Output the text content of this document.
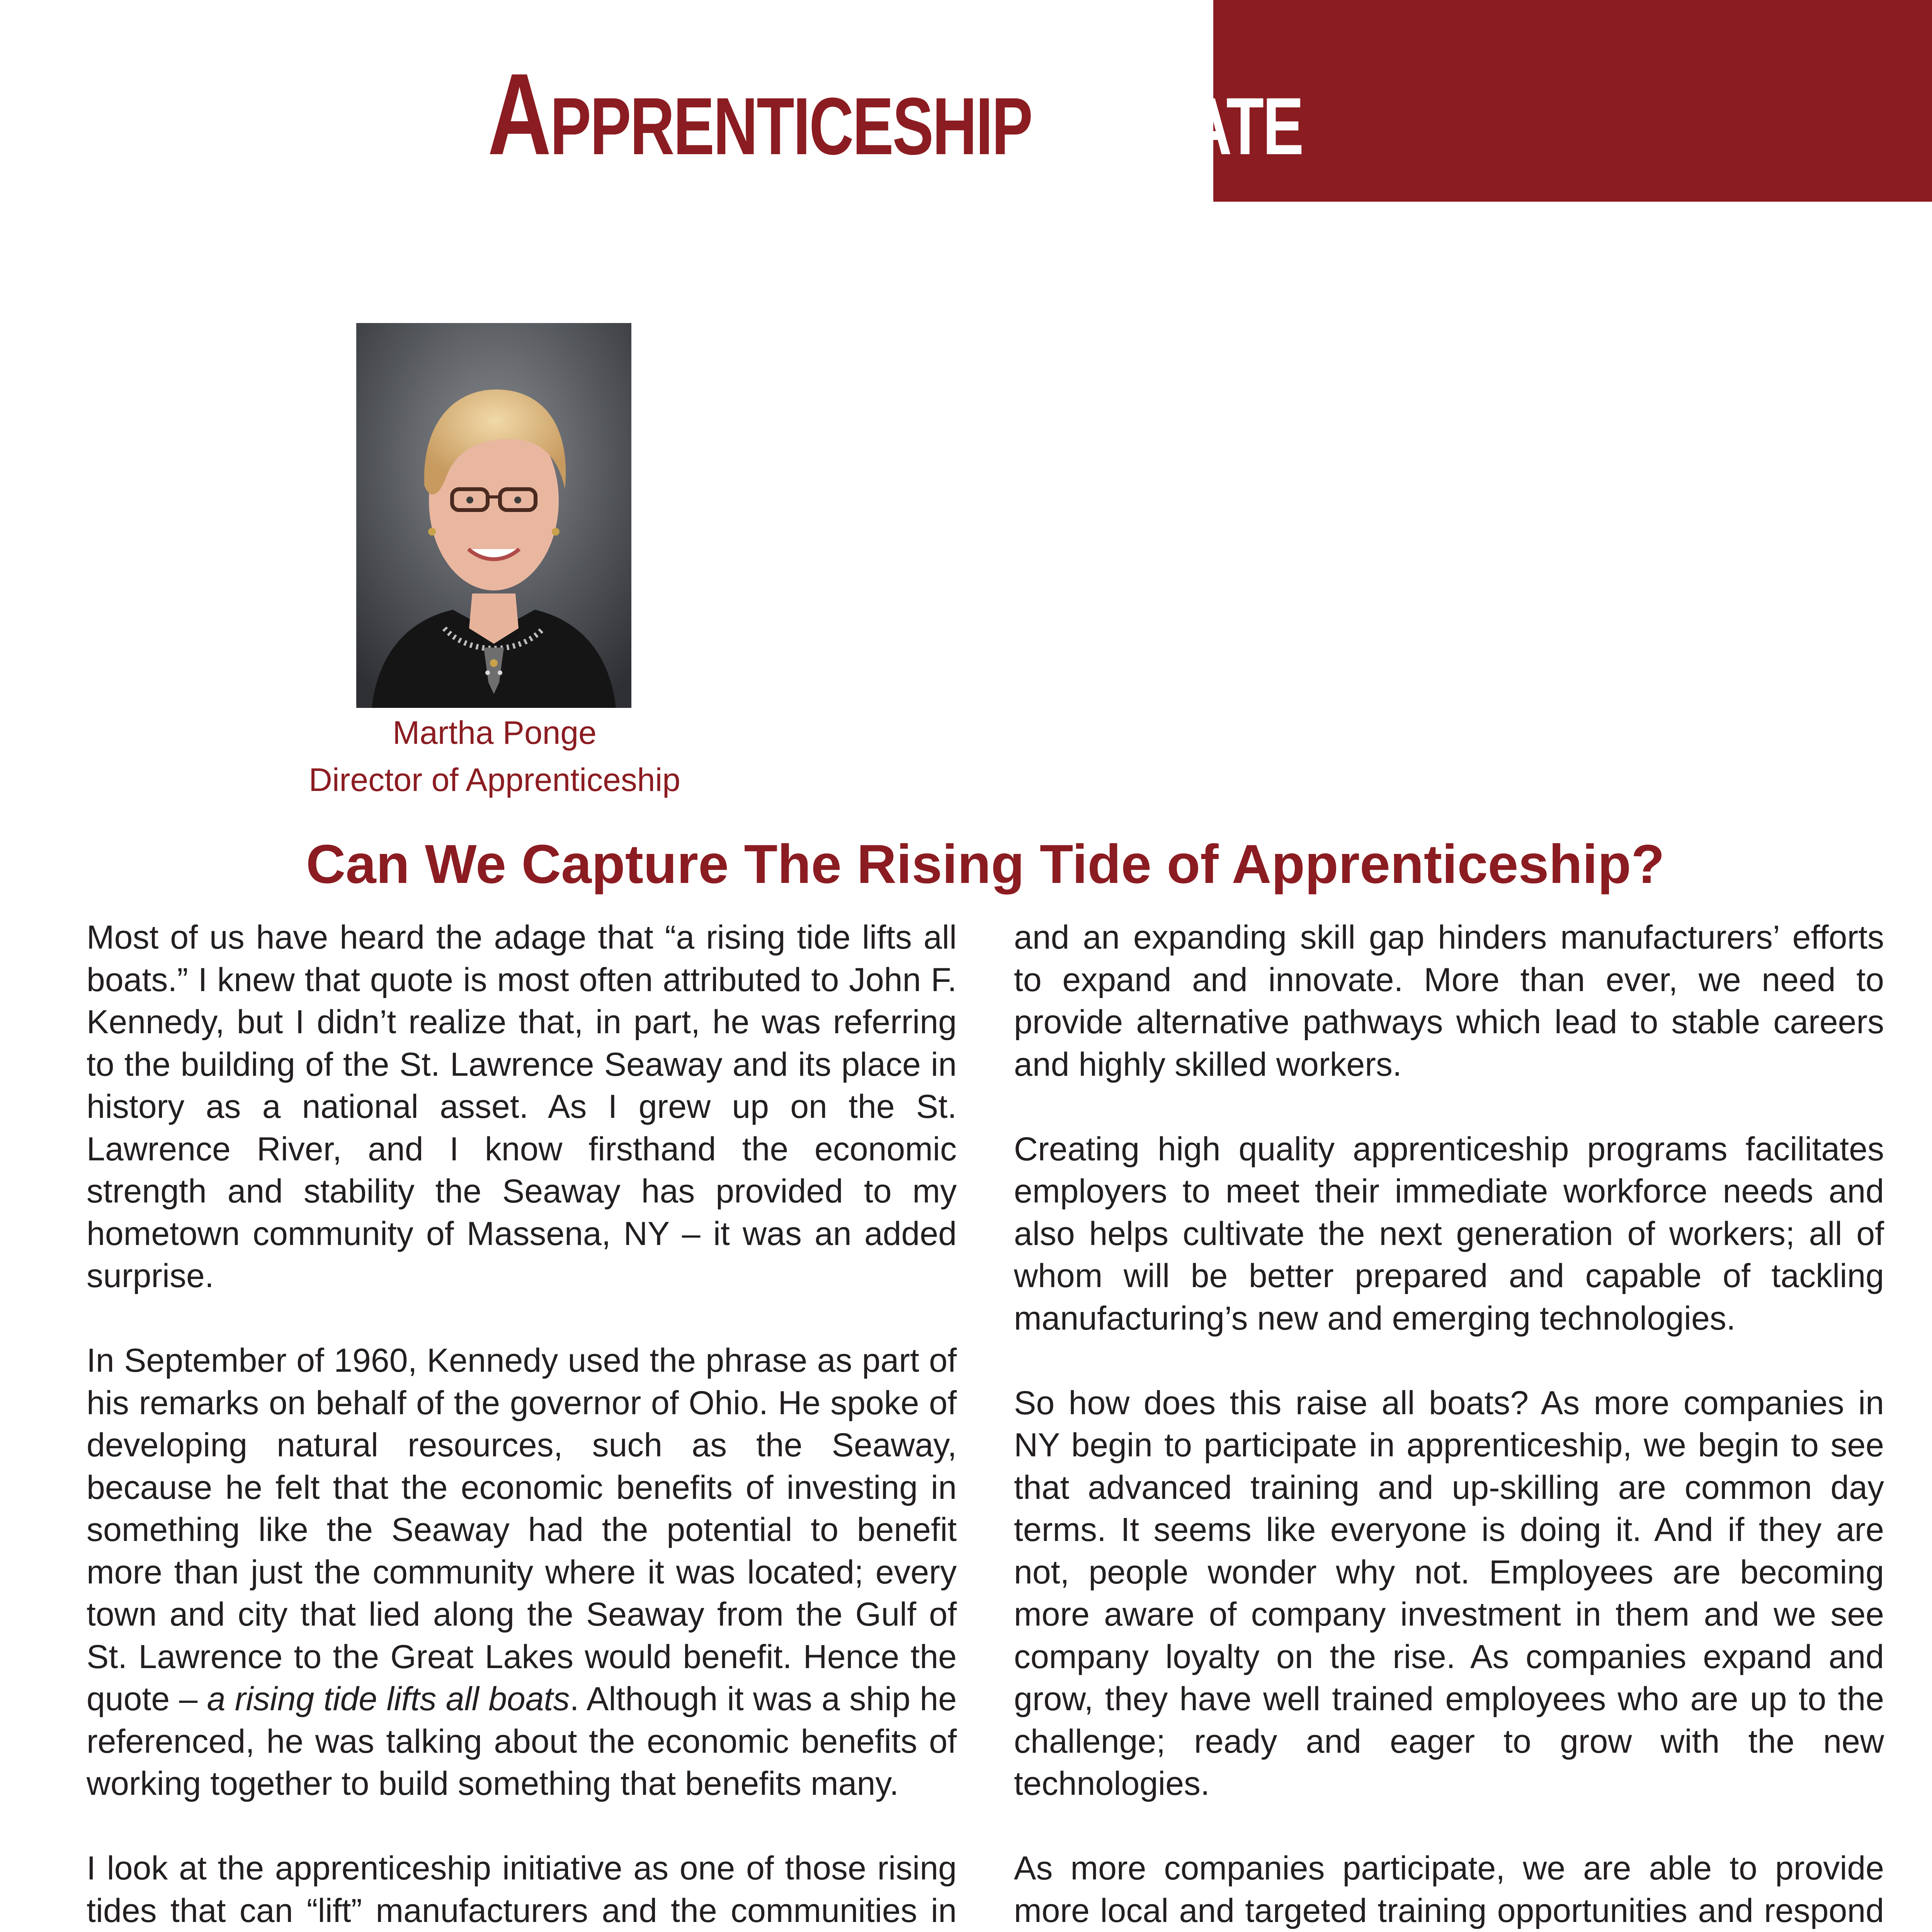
APPRENTICESHIPUPDATE
Martha Ponge
Director of Apprenticeship
Can We Capture The Rising Tide of Apprenticeship?

Most of us have heard the adage that “a rising tide lifts all boats.” I knew that quote is most often attributed to John F. Kennedy, but I didn’t realize that, in part, he was referring to the building of the St. Lawrence Seaway and its place in history as a national asset. As I grew up on the St. Lawrence River, and I know firsthand the economic strength and stability the Seaway has provided to my hometown community of Massena, NY – it was an added surprise.

In September of 1960, Kennedy used the phrase as part of his remarks on behalf of the governor of Ohio. He spoke of developing natural resources, such as the Seaway, because he felt that the economic benefits of investing in something like the Seaway had the potential to benefit more than just the community where it was located; every town and city that lied along the Seaway from the Gulf of St. Lawrence to the Great Lakes would benefit. Hence the quote – a rising tide lifts all boats. Although it was a ship he referenced, he was talking about the economic benefits of working together to build something that benefits many.

I look at the apprenticeship initiative as one of those rising tides that can “lift” manufacturers and the communities in

and an expanding skill gap hinders manufacturers’ efforts to expand and innovate. More than ever, we need to provide alternative pathways which lead to stable careers and highly skilled workers.

Creating high quality apprenticeship programs facilitates employers to meet their immediate workforce needs and also helps cultivate the next generation of workers; all of whom will be better prepared and capable of tackling manufacturing’s new and emerging technologies.

So how does this raise all boats? As more companies in NY begin to participate in apprenticeship, we begin to see that advanced training and up-skilling are common day terms. It seems like everyone is doing it. And if they are not, people wonder why not. Employees are becoming more aware of company investment in them and we see company loyalty on the rise. As companies expand and grow, they have well trained employees who are up to the challenge; ready and eager to grow with the new technologies.

As more companies participate, we are able to provide more local and targeted training opportunities and respond
